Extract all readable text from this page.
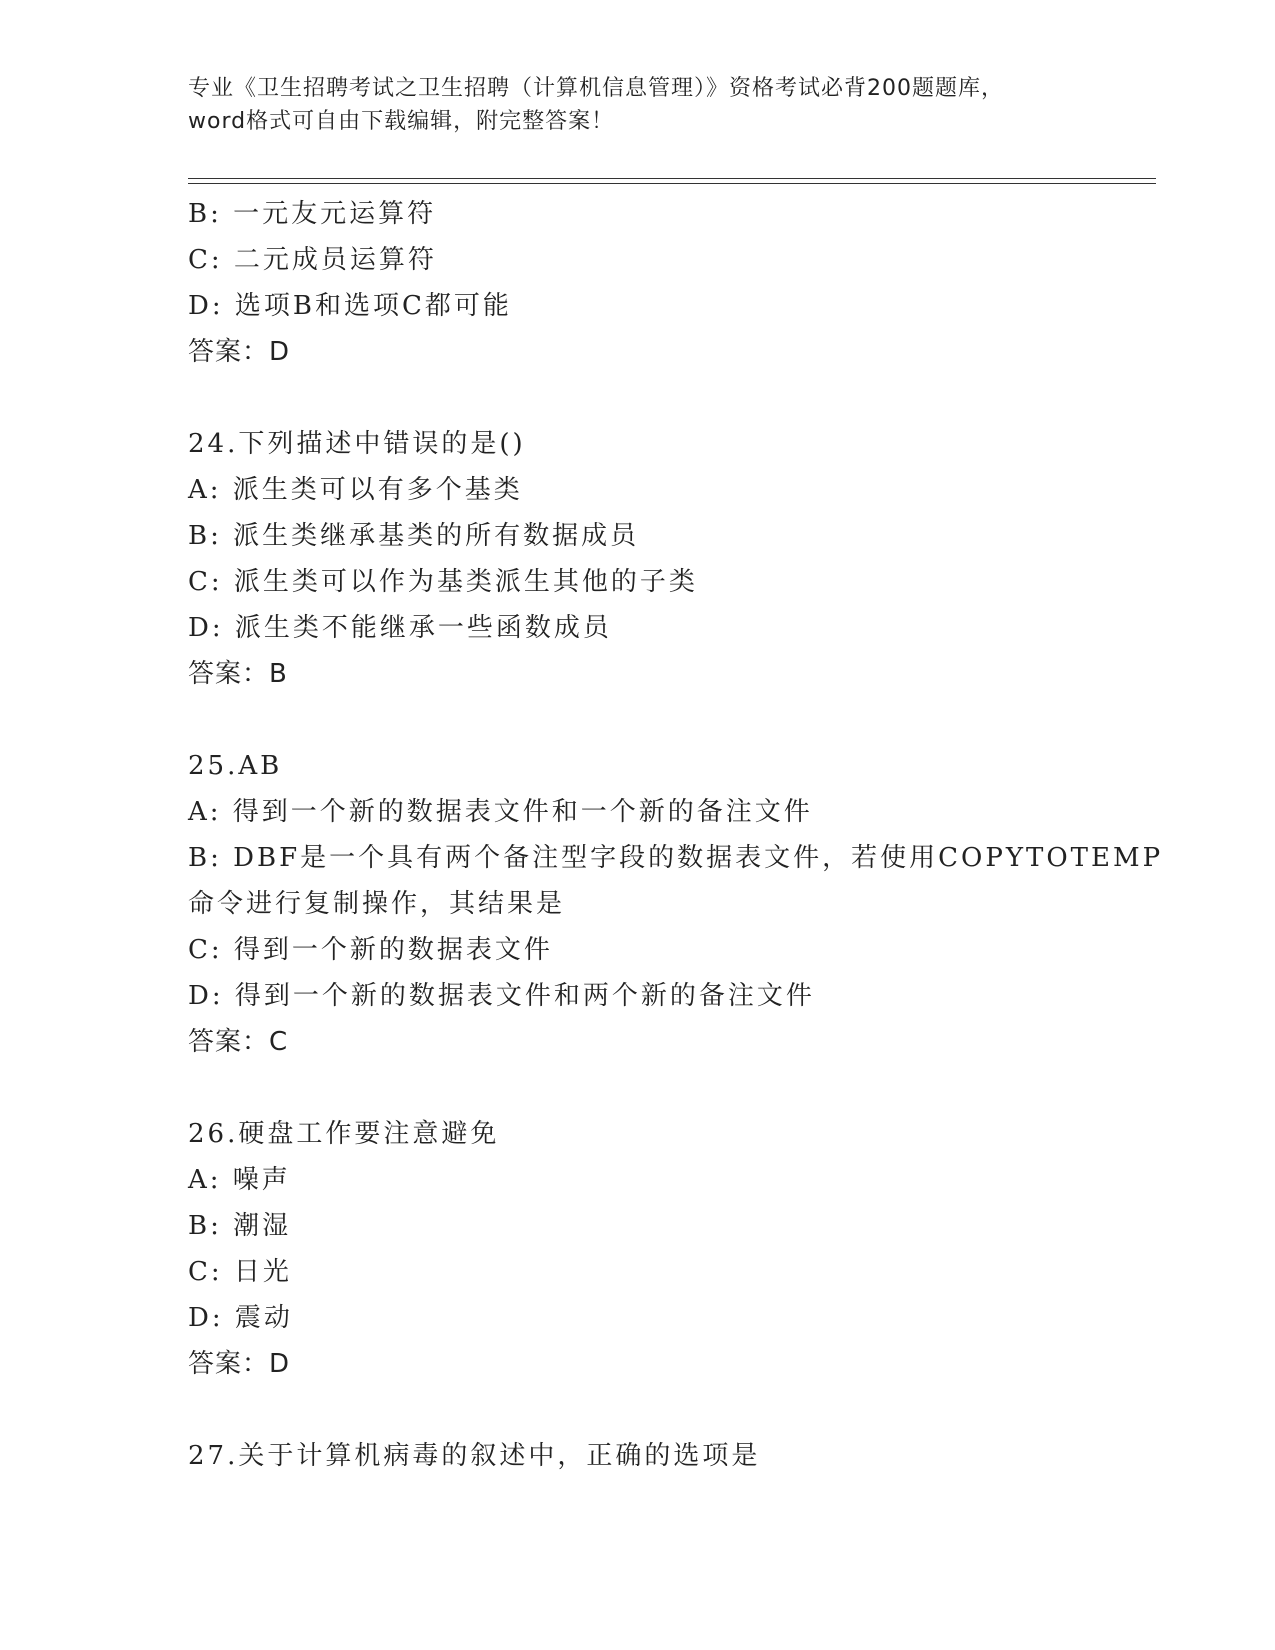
专业《卫生招聘考试之卫生招聘（计算机信息管理）》资格考试必背200题题库，
word格式可自由下载编辑，附完整答案！
B: 一元友元运算符
C: 二元成员运算符
D: 选项B和选项C都可能
答案：D
24.下列描述中错误的是()
A: 派生类可以有多个基类
B: 派生类继承基类的所有数据成员
C: 派生类可以作为基类派生其他的子类
D: 派生类不能继承一些函数成员
答案：B
25.AB
A: 得到一个新的数据表文件和一个新的备注文件
B: DBF是一个具有两个备注型字段的数据表文件，若使用COPYTOTEMP
命令进行复制操作，其结果是
C: 得到一个新的数据表文件
D: 得到一个新的数据表文件和两个新的备注文件
答案：C
26.硬盘工作要注意避免
A: 噪声
B: 潮湿
C: 日光
D: 震动
答案：D
27.关于计算机病毒的叙述中，正确的选项是
